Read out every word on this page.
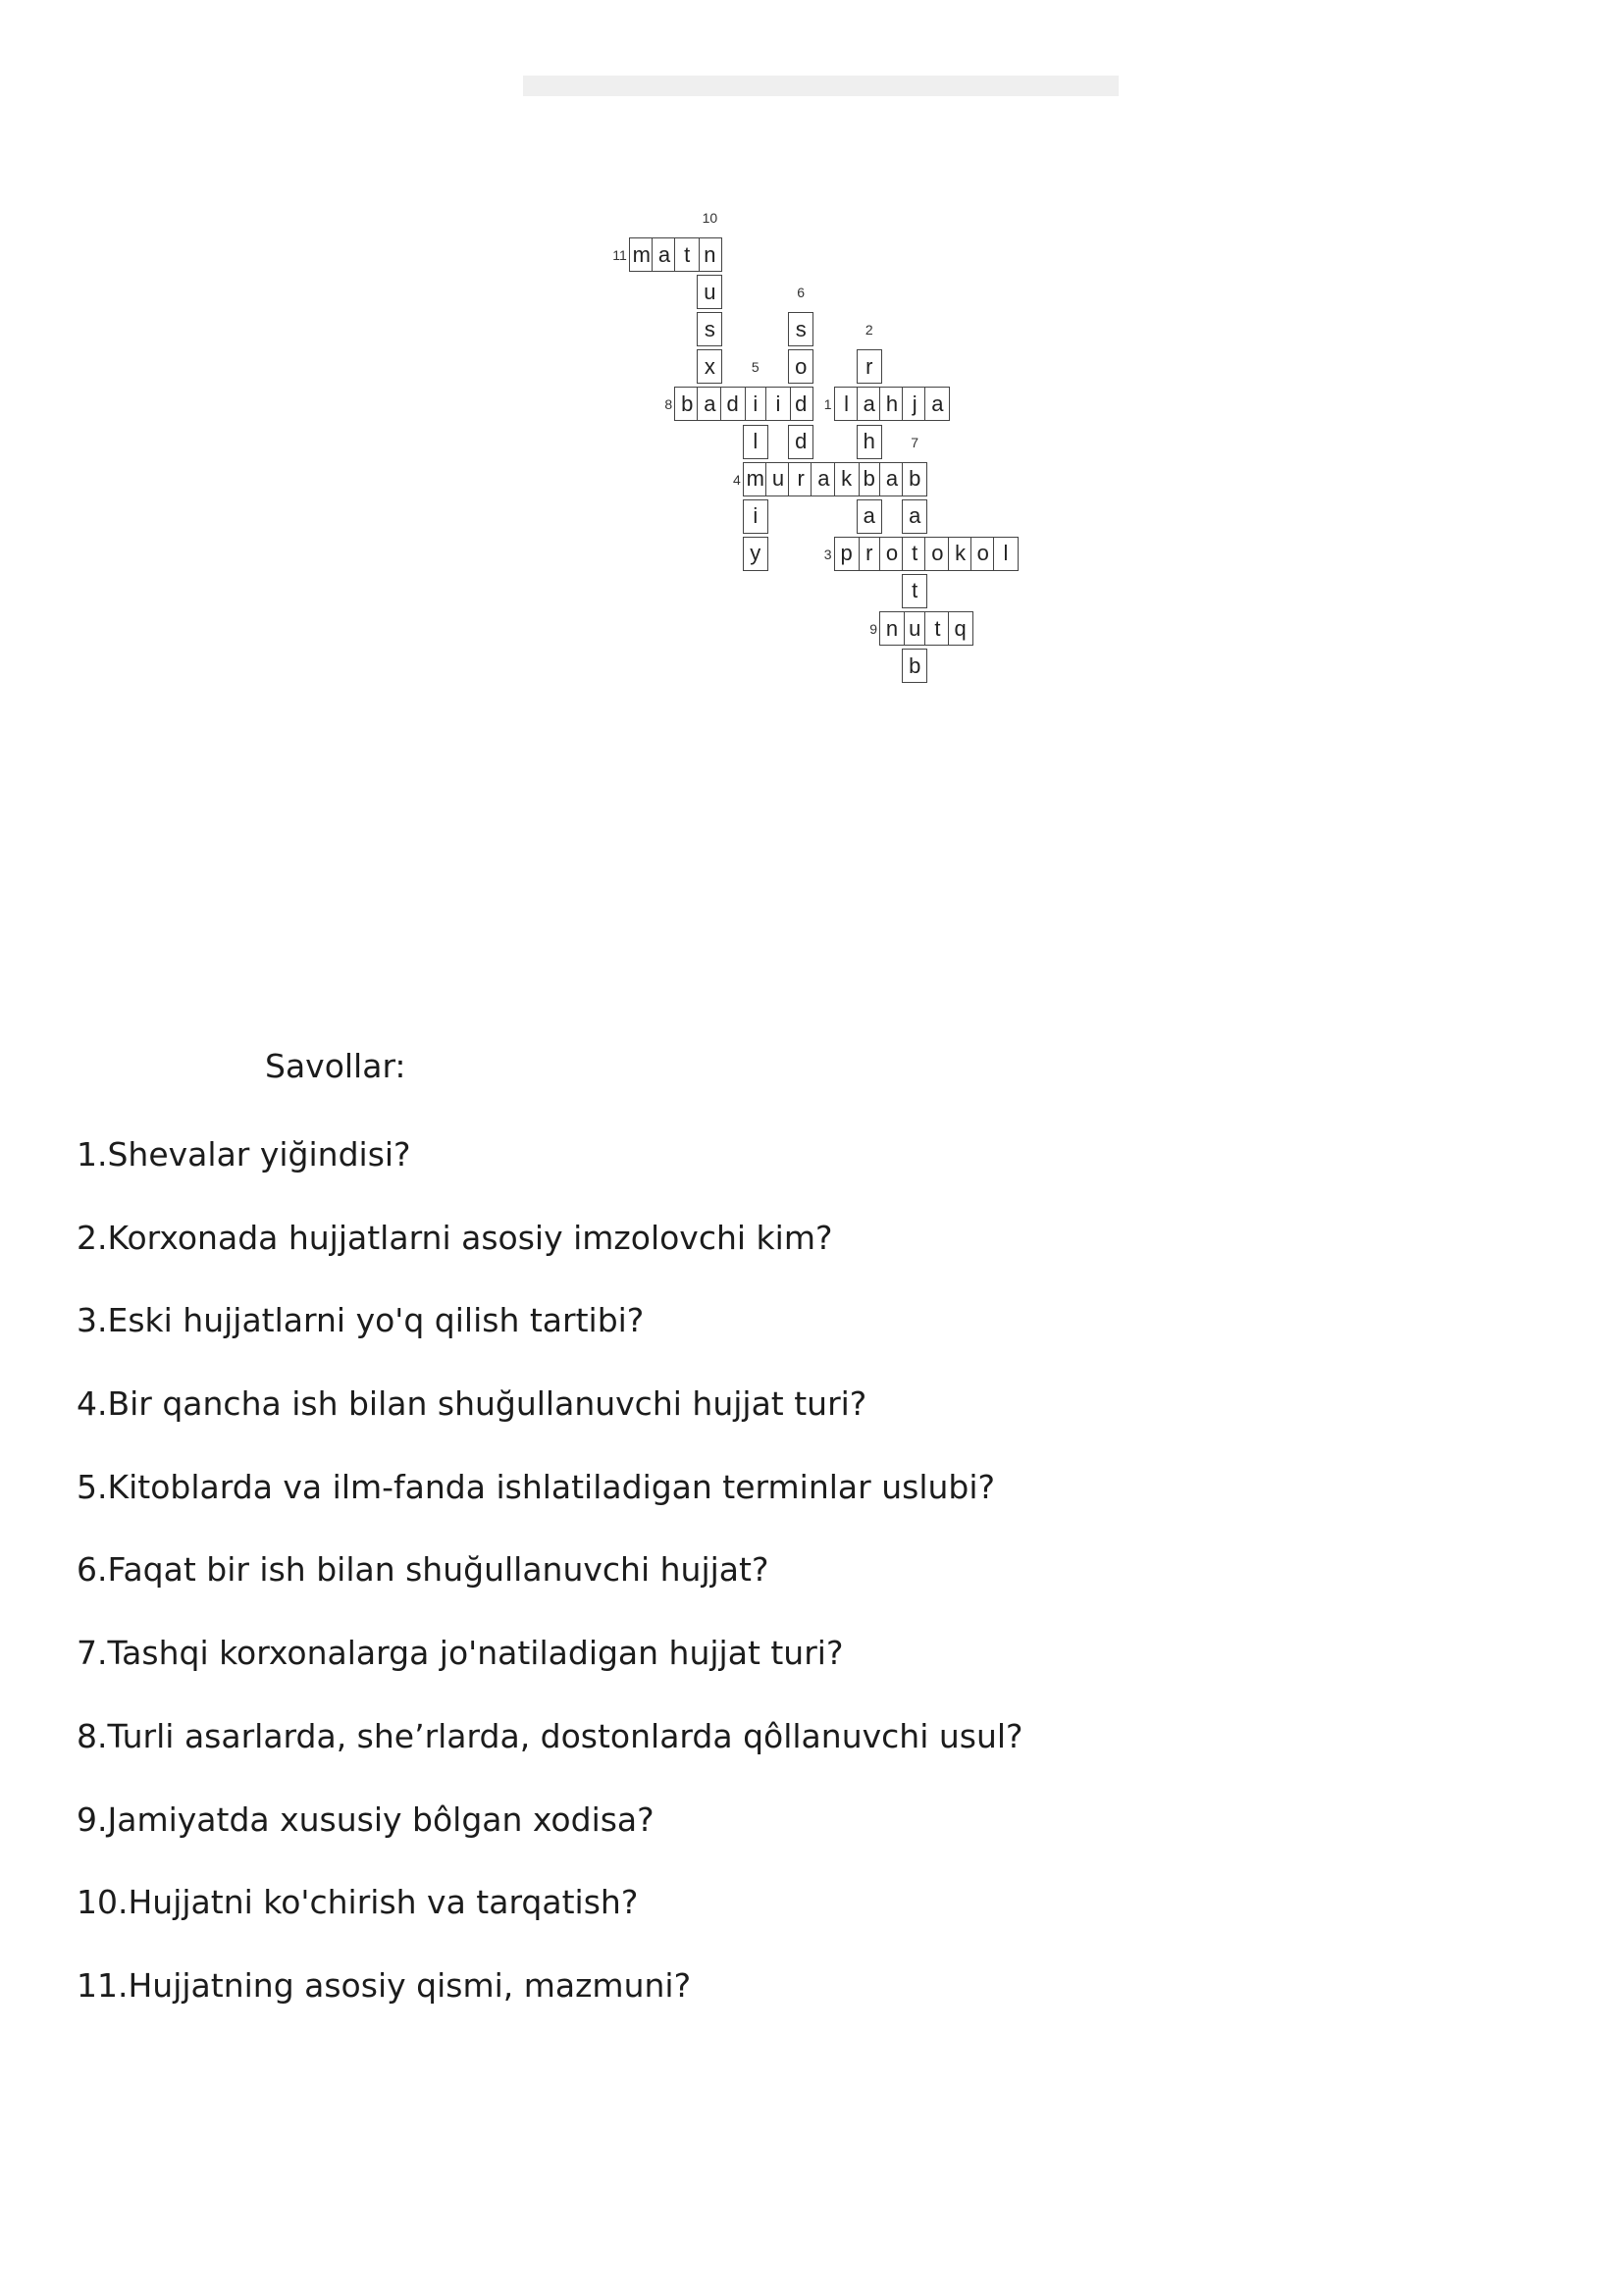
l a h j a
r
h
b
a
r
p	o t o k o l
m u r a k	a b
i
l
i
y
s
o
d
d
a
t
u
b
b a d	i
n	t q
n
u
s
x
m a t
1
2
3
4
5
6
7
8
9
10
11
Savollar:
1.Shevalar yiğindisi?
2.Korxonada hujjatlarni asosiy imzolovchi kim?
3.Eski hujjatlarni yo'q qilish tartibi?
4.Bir qancha ish bilan shuğullanuvchi hujjat turi?
5.Kitoblarda va ilm-fanda ishlatiladigan terminlar uslubi?
6.Faqat bir ish bilan shuğullanuvchi hujjat?
7.Tashqi korxonalarga jo'natiladigan hujjat turi?
8.Turli asarlarda, she’rlarda, dostonlarda qôllanuvchi usul?
9.Jamiyatda xususiy bôlgan xodisa?
10.Hujjatni ko'chirish va tarqatish?
11.Hujjatning asosiy qismi, mazmuni?
